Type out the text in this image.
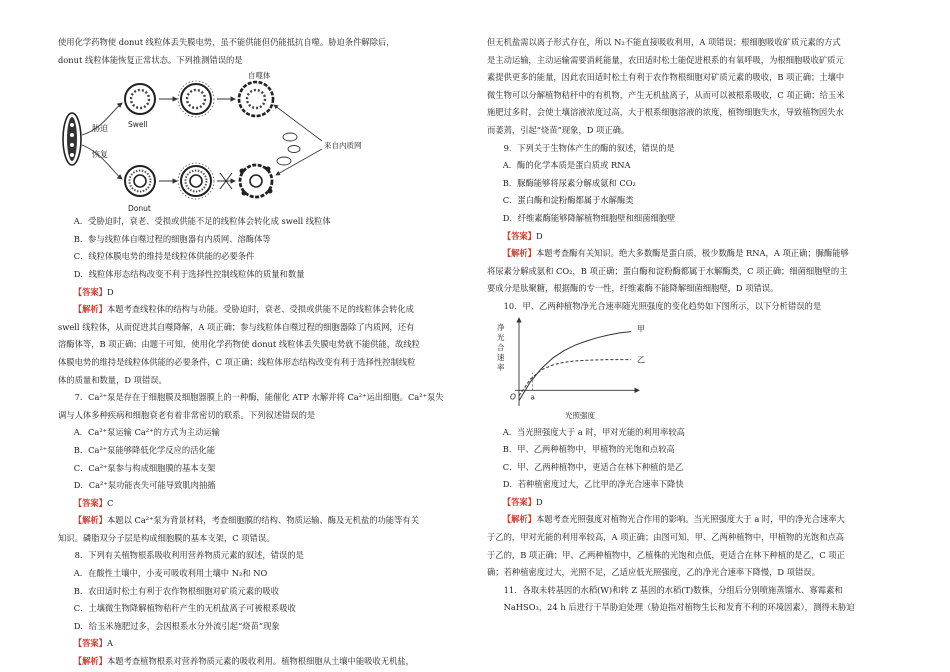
使用化学药物使 donut 线粒体丢失膜电势，虽不能供能但仍能抵抗自噬。胁迫条件解除后，

donut 线粒体能恢复正常状态。下列推测错误的是

胁迫
恢复
Swell
自噬体
Donut
来自内质网

A．受胁迫时，衰老、受损或供能不足的线粒体会转化成 swell 线粒体

B．参与线粒体自噬过程的细胞器有内质网、溶酶体等

C．线粒体膜电势的维持是线粒体供能的必要条件

D．线粒体形态结构改变不利于选择性控制线粒体的质量和数量

【答案】D

【解析】本题考查线粒体的结构与功能。受胁迫时，衰老、受损或供能不足的线粒体会转化成

swell 线粒体，从而促进其自噬降解，A 项正确；参与线粒体自噬过程的细胞器除了内质网，还有

溶酶体等，B 项正确；由题干可知，使用化学药物使 donut 线粒体丢失膜电势就不能供能，故线粒

体膜电势的维持是线粒体供能的必要条件，C 项正确；线粒体形态结构改变有利于选择性控制线粒

体的质量和数量，D 项错误。

7．Ca²⁺泵是存在于细胞膜及细胞器膜上的一种酶，能催化 ATP 水解并将 Ca²⁺运出细胞。Ca²⁺泵失

调与人体多种疾病和细胞衰老有着非常密切的联系。下列叙述错误的是

A．Ca²⁺泵运输 Ca²⁺的方式为主动运输

B．Ca²⁺泵能够降低化学反应的活化能

C．Ca²⁺泵参与构成细胞膜的基本支架

D．Ca²⁺泵功能丧失可能导致肌肉抽搐

【答案】C

【解析】本题以 Ca²⁺泵为背景材料，考查细胞膜的结构、物质运输、酶及无机盐的功能等有关

知识。磷脂双分子层是构成细胞膜的基本支架，C 项错误。

8．下列有关植物根系吸收利用营养物质元素的叙述，错误的是

A．在酸性土壤中，小麦可吸收利用土壤中 N₂和 NO

B．农田适时松土有利于农作物根细胞对矿质元素的吸收

C．土壤微生物降解植物秸秆产生的无机盐离子可被根系吸收

D．给玉米施肥过多，会因根系水分外流引起“烧苗”现象

【答案】A

【解析】本题考查植物根系对营养物质元素的吸收利用。植物根细胞从土壤中能吸收无机盐，

但无机盐需以离子形式存在，所以 N₂不能直接吸收利用，A 项错误；根细胞吸收矿质元素的方式

是主动运输，主动运输需要消耗能量，农田适时松土能促进根系的有氧呼吸，为根细胞吸收矿质元

素提供更多的能量，因此农田适时松土有利于农作物根细胞对矿质元素的吸收，B 项正确；土壤中

微生物可以分解植物秸秆中的有机物，产生无机盐离子，从而可以被根系吸收，C 项正确；给玉米

施肥过多时，会使土壤溶液浓度过高，大于根系细胞溶液的浓度，植物细胞失水，导致植物因失水

而萎蔫，引起“烧苗”现象，D 项正确。

9．下列关于生物体产生的酶的叙述，错误的是

A．酶的化学本质是蛋白质或 RNA

B．脲酶能够将尿素分解成氨和 CO₂

C．蛋白酶和淀粉酶都属于水解酶类

D．纤维素酶能够降解植物细胞壁和细菌细胞壁

【答案】D

【解析】本题考查酶有关知识。绝大多数酶是蛋白质，极少数酶是 RNA，A 项正确；脲酶能够

将尿素分解成氨和 CO₂，B 项正确；蛋白酶和淀粉酶都属于水解酶类，C 项正确；细菌细胞壁的主

要成分是肽聚糖，根据酶的专一性，纤维素酶不能降解细菌细胞壁，D 项错误。

10．甲、乙两种植物净光合速率随光照强度的变化趋势如下图所示，以下分析错误的是

甲
乙
光照强度
O a
净
光
合
速
率

A．当光照强度大于 a 时，甲对光能的利用率较高

B．甲、乙两种植物中，甲植物的光饱和点较高

C．甲、乙两种植物中，更适合在林下种植的是乙

D．若种植密度过大，乙比甲的净光合速率下降快

【答案】D

【解析】本题考查光照强度对植物光合作用的影响。当光照强度大于 a 时，甲的净光合速率大

于乙的，甲对光能的利用率较高，A 项正确；由图可知，甲、乙两种植物中，甲植物的光饱和点高

于乙的，B 项正确；甲、乙两种植物中，乙植株的光饱和点低，更适合在林下种植的是乙，C 项正

确；若种植密度过大，光照不足，乙适应低光照强度，乙的净光合速率下降慢，D 项错误。

11．各取未转基因的水稻(W)和转 Z 基因的水稻(T)数株，分组后分别喷施蒸馏水、寡霉素和

NaHSO₃，24 h 后进行干旱胁迫处理（胁迫指对植物生长和发育不利的环境因素），测得未胁迫
